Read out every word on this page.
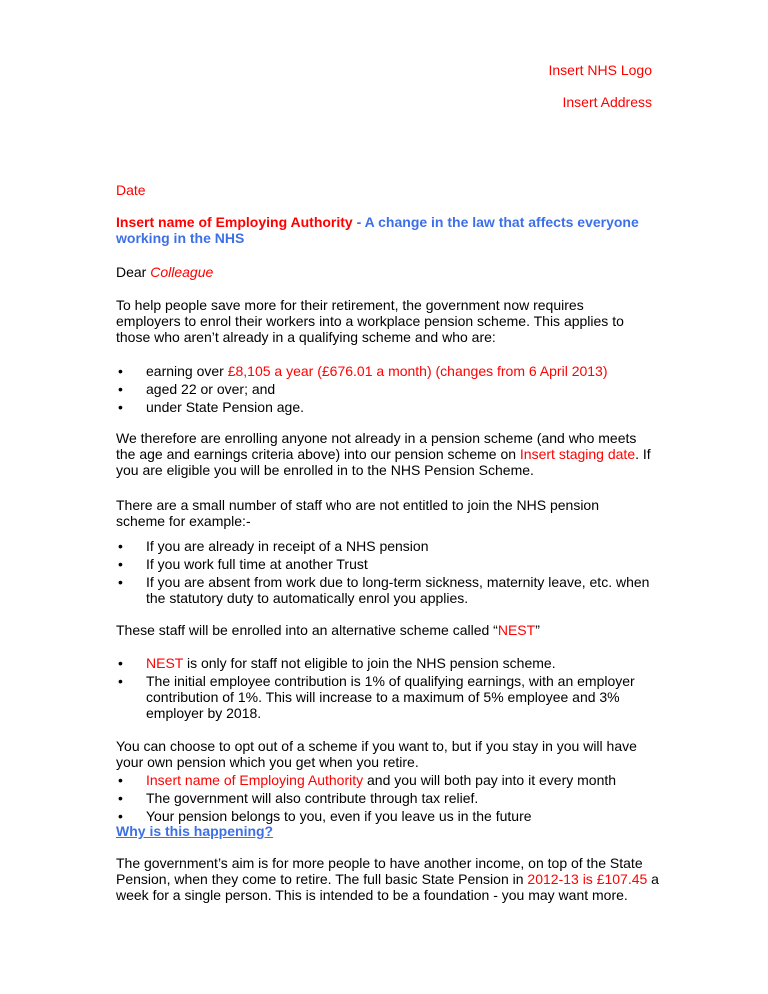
Insert NHS Logo

Insert Address

Date

Insert name of Employing Authority - A change in the law that affects everyone working in the NHS

Dear Colleague

To help people save more for their retirement, the government now requires employers to enrol their workers into a workplace pension scheme. This applies to those who aren’t already in a qualifying scheme and who are:

• earning over £8,105 a year (£676.01 a month) (changes from 6 April 2013)
• aged 22 or over; and
• under State Pension age.

We therefore are enrolling anyone not already in a pension scheme (and who meets the age and earnings criteria above) into our pension scheme on Insert staging date. If you are eligible you will be enrolled in to the NHS Pension Scheme.

There are a small number of staff who are not entitled to join the NHS pension scheme for example:-

• If you are already in receipt of a NHS pension
• If you work full time at another Trust
• If you are absent from work due to long-term sickness, maternity leave, etc. when the statutory duty to automatically enrol you applies.

These staff will be enrolled into an alternative scheme called “NEST”

• NEST is only for staff not eligible to join the NHS pension scheme.
• The initial employee contribution is 1% of qualifying earnings, with an employer contribution of 1%. This will increase to a maximum of 5% employee and 3% employer by 2018.

You can choose to opt out of a scheme if you want to, but if you stay in you will have your own pension which you get when you retire.

• Insert name of Employing Authority and you will both pay into it every month
• The government will also contribute through tax relief.
• Your pension belongs to you, even if you leave us in the future

Why is this happening?

The government’s aim is for more people to have another income, on top of the State Pension, when they come to retire. The full basic State Pension in 2012-13 is £107.45 a week for a single person. This is intended to be a foundation - you may want more.
